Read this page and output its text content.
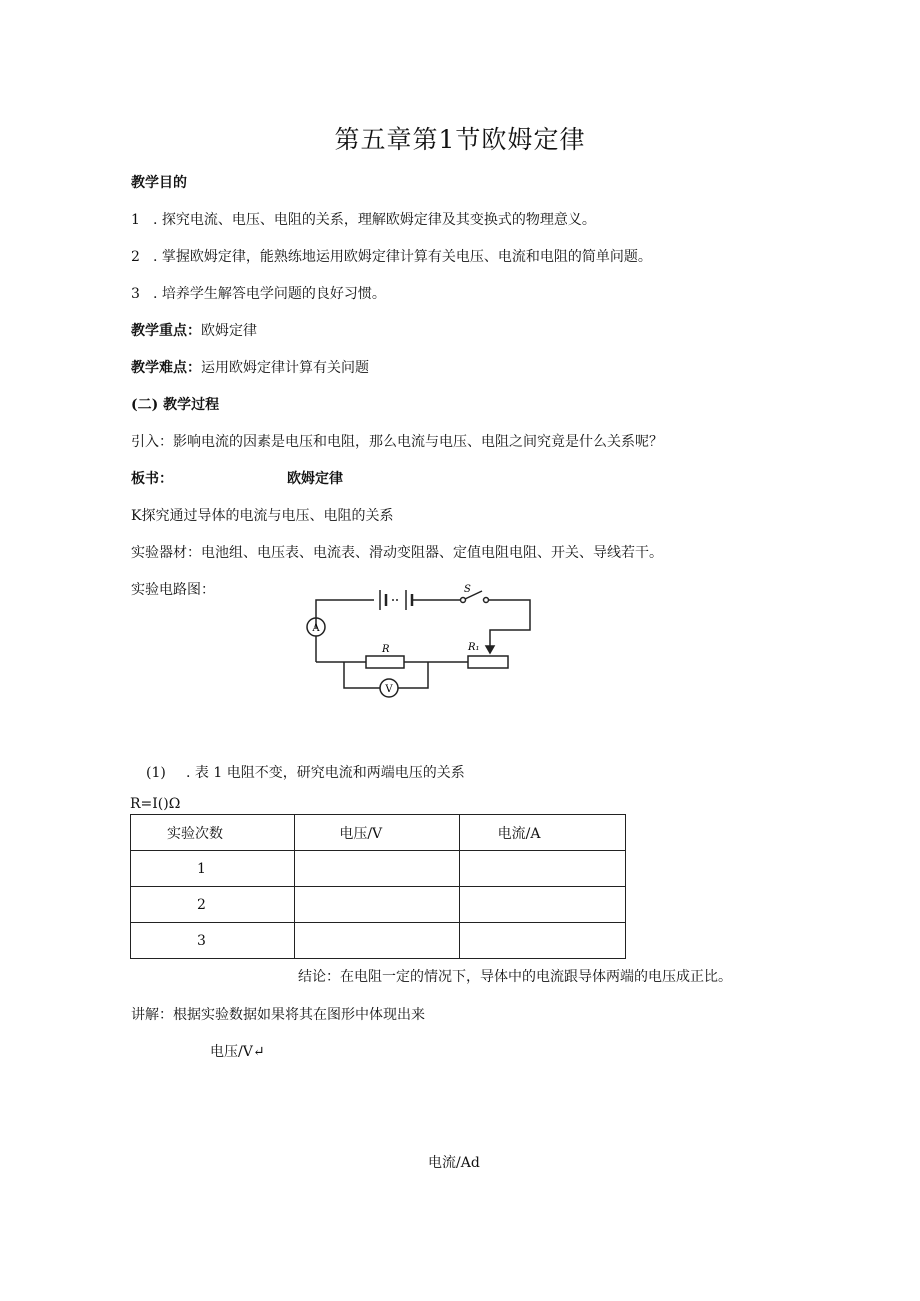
第五章第1节欧姆定律
教学目的
1 . 探究电流、电压、电阻的关系，理解欧姆定律及其变换式的物理意义。
2 . 掌握欧姆定律，能熟练地运用欧姆定律计算有关电压、电流和电阻的简单问题。
3 . 培养学生解答电学问题的良好习惯。
教学重点：欧姆定律
教学难点：运用欧姆定律计算有关问题
(二) 教学过程
引入：影响电流的因素是电压和电阻，那么电流与电压、电阻之间究竟是什么关系呢？
板书：	欧姆定律
K探究通过导体的电流与电压、电阻的关系
实验器材：电池组、电压表、电流表、滑动变阻器、定值电阻电阻、开关、导线若干。
实验电路图：
A
V
S
R	R₁
(1) . 表 1 电阻不变，研究电流和两端电压的关系
R=I()Ω
实验次数	电压/V	电流/A
1		
2		
3		
结论：在电阻一定的情况下，导体中的电流跟导体两端的电压成正比。
讲解：根据实验数据如果将其在图形中体现出来
电压/V↵
电流/Ad
